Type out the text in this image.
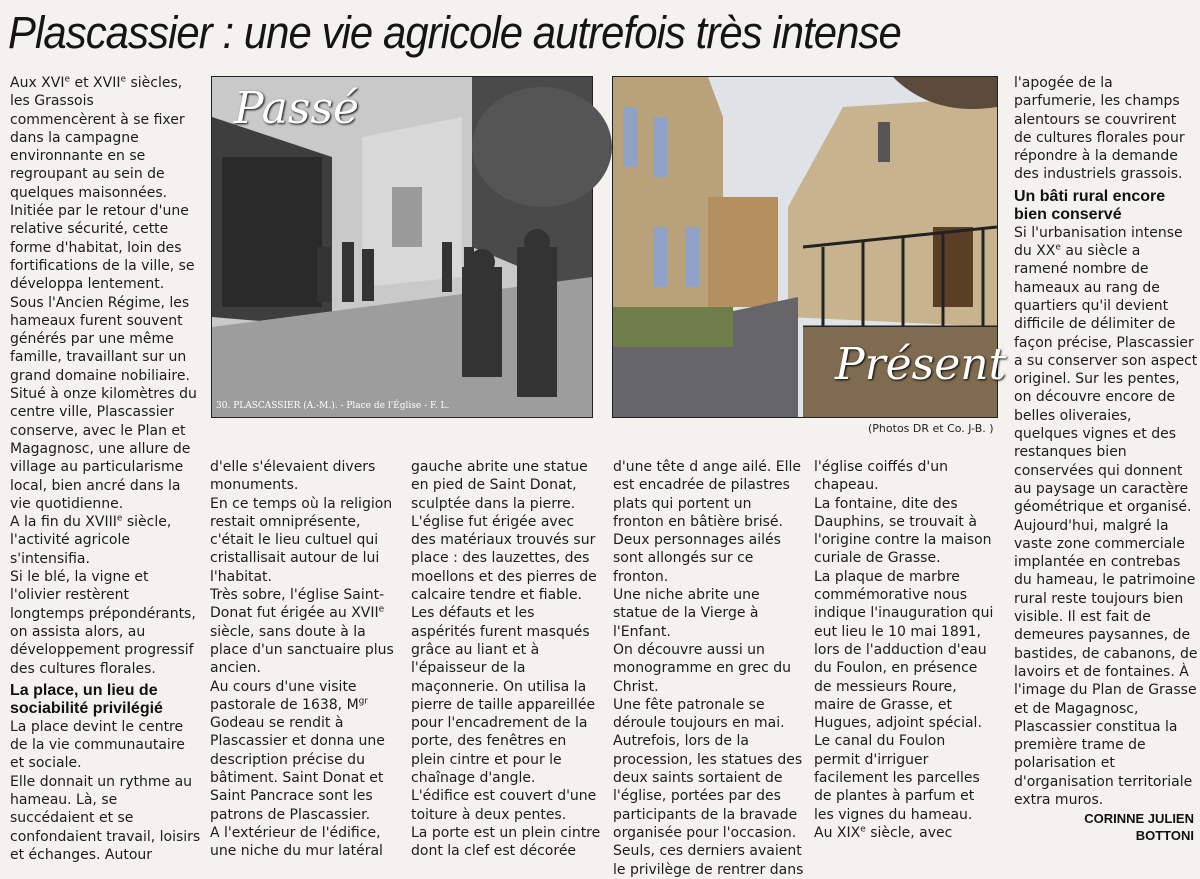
Plascassier : une vie agricole autrefois très intense

Aux XVIe et XVIIe siècles, les Grassois commencèrent à se fixer dans la campagne environnante en se regroupant au sein de quelques maisonnées. Initiée par le retour d'une relative sécurité, cette forme d'habitat, loin des fortifications de la ville, se développa lentement.

Sous l'Ancien Régime, les hameaux furent souvent générés par une même famille, travaillant sur un grand domaine nobiliaire. Situé à onze kilomètres du centre ville, Plascassier conserve, avec le Plan et Magagnosc, une allure de village au particularisme local, bien ancré dans la vie quotidienne.

A la fin du XVIIIe siècle, l'activité agricole s'intensifia.

Si le blé, la vigne et l'olivier restèrent longtemps prépondérants, on assista alors, au développement progressif des cultures florales.

La place, un lieu de sociabilité privilégié

La place devint le centre de la vie communautaire et sociale.

Elle donnait un rythme au hameau. Là, se succédaient et se confondaient travail, loisirs et échanges. Autour

Passé
30. PLASCASSIER (A.-M.). - Place de l'Église - F. L.
Présent
(Photos DR et Co. J-B. )

d'elle s'élevaient divers monuments.

En ce temps où la religion restait omniprésente, c'était le lieu cultuel qui cristallisait autour de lui l'habitat.

Très sobre, l'église Saint-Donat fut érigée au XVIIe siècle, sans doute à la place d'un sanctuaire plus ancien.

Au cours d'une visite pastorale de 1638, $M^{gr}$ Godeau se rendit à Plascassier et donna une description précise du bâtiment. Saint Donat et Saint Pancrace sont les patrons de Plascassier.

A l'extérieur de l'édifice, une niche du mur latéral

gauche abrite une statue en pied de Saint Donat, sculptée dans la pierre.

L'église fut érigée avec des matériaux trouvés sur place : des lauzettes, des moellons et des pierres de calcaire tendre et fiable.

Les défauts et les aspérités furent masqués grâce au liant et à l'épaisseur de la maçonnerie. On utilisa la pierre de taille appareillée pour l'encadrement de la porte, des fenêtres en plein cintre et pour le chaînage d'angle.

L'édifice est couvert d'une toiture à deux pentes.

La porte est un plein cintre dont la clef est décorée

d'une tête d ange ailé. Elle est encadrée de pilastres plats qui portent un fronton en bâtière brisé. Deux personnages ailés sont allongés sur ce fronton.

Une niche abrite une statue de la Vierge à l'Enfant.

On découvre aussi un monogramme en grec du Christ.

Une fête patronale se déroule toujours en mai.

Autrefois, lors de la procession, les statues des deux saints sortaient de l'église, portées par des participants de la bravade organisée pour l'occasion. Seuls, ces derniers avaient le privilège de rentrer dans

l'église coiffés d'un chapeau.

La fontaine, dite des Dauphins, se trouvait à l'origine contre la maison curiale de Grasse.

La plaque de marbre commémorative nous indique l'inauguration qui eut lieu le 10 mai 1891, lors de l'adduction d'eau du Foulon, en présence de messieurs Roure, maire de Grasse, et Hugues, adjoint spécial.

Le canal du Foulon permit d'irriguer facilement les parcelles de plantes à parfum et les vignes du hameau.

Au XIXe siècle, avec

l'apogée de la parfumerie, les champs alentours se couvrirent de cultures florales pour répondre à la demande des industriels grassois.

Un bâti rural encore bien conservé

Si l'urbanisation intense du XXe au siècle a ramené nombre de hameaux au rang de quartiers qu'il devient difficile de délimiter de façon précise, Plascassier a su conserver son aspect originel. Sur les pentes, on découvre encore de belles oliveraies, quelques vignes et des restanques bien conservées qui donnent au paysage un caractère géométrique et organisé.

Aujourd'hui, malgré la vaste zone commerciale implantée en contrebas du hameau, le patrimoine rural reste toujours bien visible. Il est fait de demeures paysannes, de bastides, de cabanons, de lavoirs et de fontaines. À l'image du Plan de Grasse et de Magagnosc, Plascassier constitua la première trame de polarisation et d'organisation territoriale extra muros.

CORINNE JULIEN
BOTTONI
